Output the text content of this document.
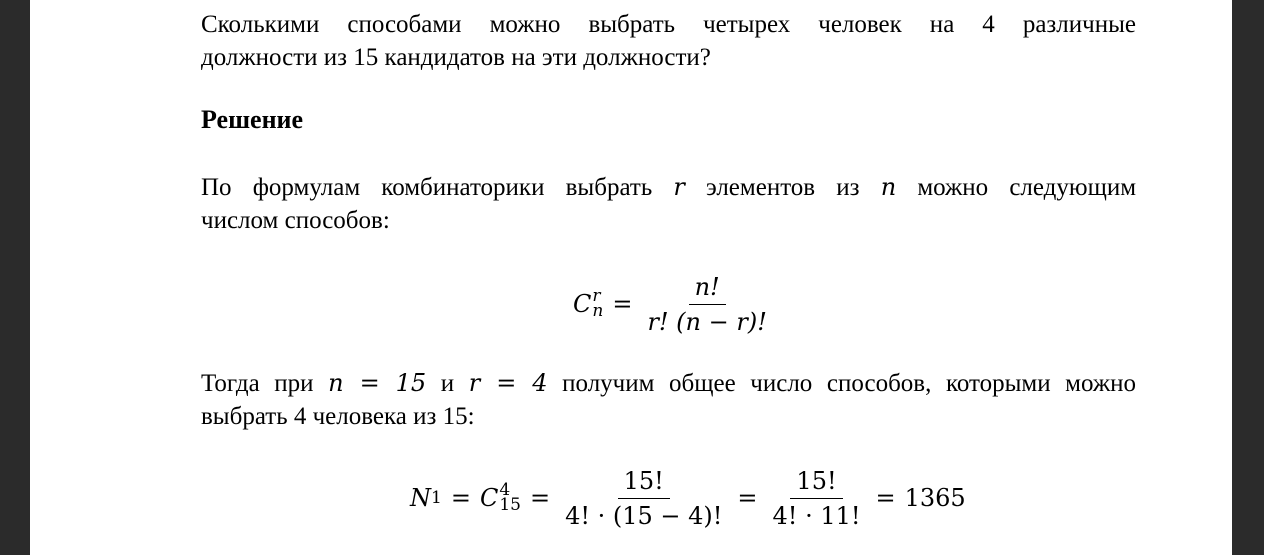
Сколькими способами можно выбрать четырех человек на 4 различные
должности из 15 кандидатов на эти должности?
Решение
По формулам комбинаторики выбрать r элементов из n можно следующим
числом способов:
C r
$n = \frac{n!}{r! (n - r)!}$
Тогда при n = 15 и r = 4 получим общее число способов, которыми можно
выбрать 4 человека из 15:
N 1 = C 4
$15 = \frac{15!}{4! \cdot (15 - 4)!} = \frac{15!}{4! \cdot 11!} = 1365$
